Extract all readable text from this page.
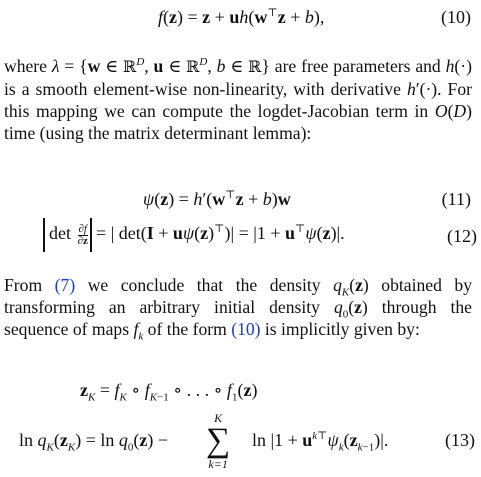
f(z) = z + uh(w⊤z + b),	(10)

where λ = {w ∈ ℝ$^D$, u ∈ ℝ$^D$, b ∈ ℝ} are free parameters and h(·) is a smooth element-wise non-linearity, with derivative h′(·). For this mapping we can compute the logdet-Jacobian term in O(D) time (using the matrix determinant lemma):

ψ(z) = h′(w⊤z + b)w	(11)
$\det \frac{\partial f}{\partial z}$ = | det(I + uψ(z)⊤)| = |1 + u⊤ψ(z)|.	(12)

From (7) we conclude that the density $q_K(z)$ obtained by transforming an arbitrary initial density $q_0(z)$ through the sequence of maps $f_k$ of the form (10) is implicitly given by:

$z_K = f_K$ ∘ $f_{K-1}$ ∘ . . . ∘ $f_1(z)$
$\ln q_K(z_K) = \ln q_0(z)$ −
K
∑
k=1
$\ln |1 + u^{k⊤}\psi_k(z_{k-1})|$.	(13)
